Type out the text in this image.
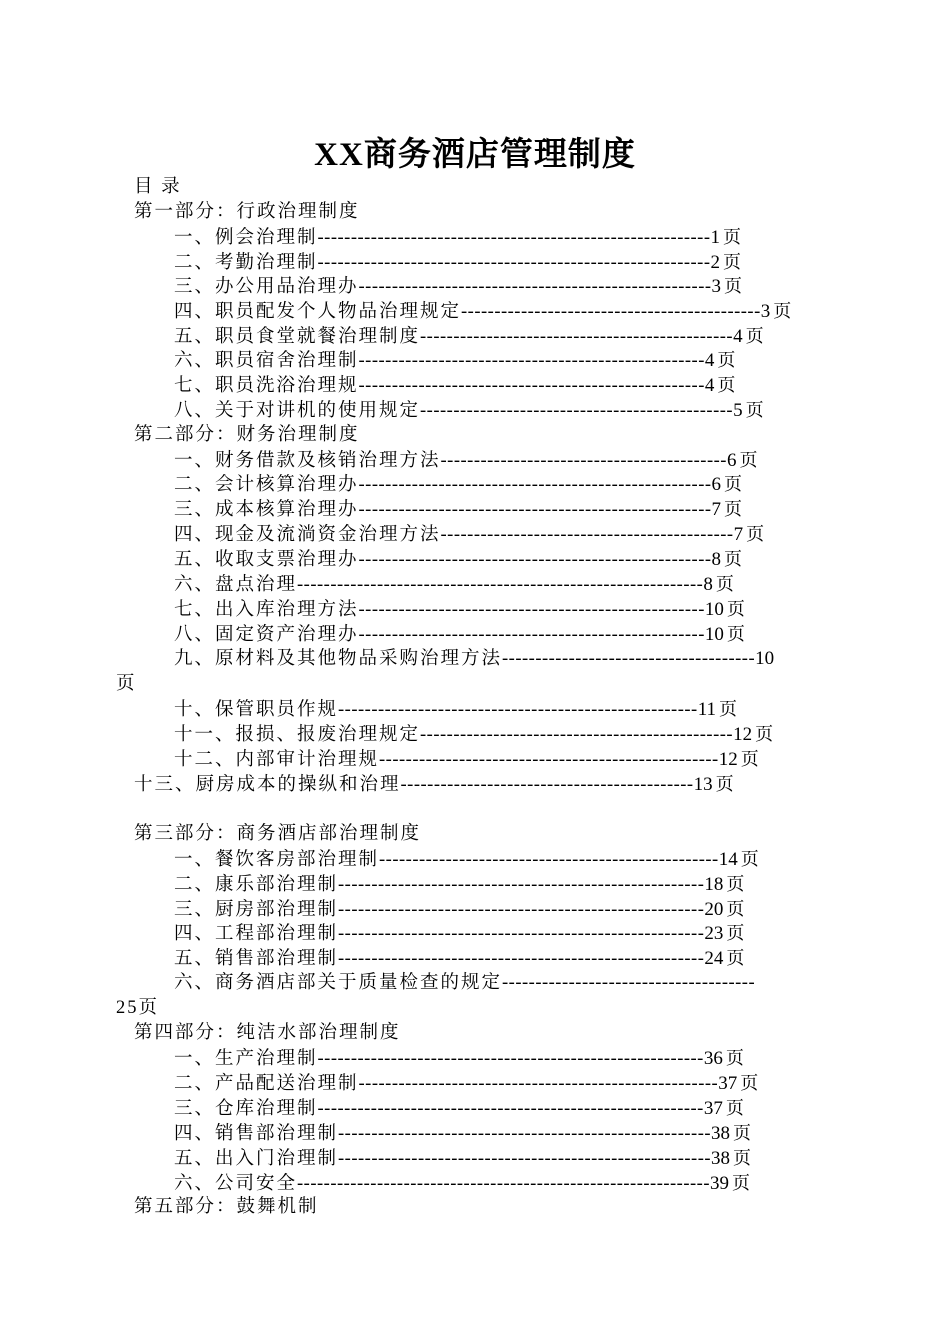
XX商务酒店管理制度
目 录
第一部分：行政治理制度
一、例会治理制-----------------------------------------------------------1 页
二、考勤治理制-----------------------------------------------------------2 页
三、办公用品治理办-----------------------------------------------------3 页
四、职员配发个人物品治理规定---------------------------------------------3 页
五、职员食堂就餐治理制度-----------------------------------------------4 页
六、职员宿舍治理制----------------------------------------------------4 页
七、职员洗浴治理规----------------------------------------------------4 页
八、关于对讲机的使用规定-----------------------------------------------5 页
第二部分：财务治理制度
一、财务借款及核销治理方法-------------------------------------------6 页
二、会计核算治理办-----------------------------------------------------6 页
三、成本核算治理办-----------------------------------------------------7 页
四、现金及流淌资金治理方法--------------------------------------------7 页
五、收取支票治理办-----------------------------------------------------8 页
六、盘点治理-------------------------------------------------------------8 页
七、出入库治理方法----------------------------------------------------10 页
八、固定资产治理办----------------------------------------------------10 页
九、原材料及其他物品采购治理方法--------------------------------------10
页
十、保管职员作规------------------------------------------------------11 页
十一、报损、报废治理规定-----------------------------------------------12 页
十二、内部审计治理规---------------------------------------------------12 页
十三、厨房成本的操纵和治理--------------------------------------------13 页
第三部分：商务酒店部治理制度
一、餐饮客房部治理制---------------------------------------------------14 页
二、康乐部治理制-------------------------------------------------------18 页
三、厨房部治理制-------------------------------------------------------20 页
四、工程部治理制-------------------------------------------------------23 页
五、销售部治理制-------------------------------------------------------24 页
六、商务酒店部关于质量检查的规定--------------------------------------
25页
第四部分：纯洁水部治理制度
一、生产治理制----------------------------------------------------------36 页
二、产品配送治理制------------------------------------------------------37 页
三、仓库治理制----------------------------------------------------------37 页
四、销售部治理制--------------------------------------------------------38 页
五、出入门治理制--------------------------------------------------------38 页
六、公司安全--------------------------------------------------------------39 页
第五部分：鼓舞机制
